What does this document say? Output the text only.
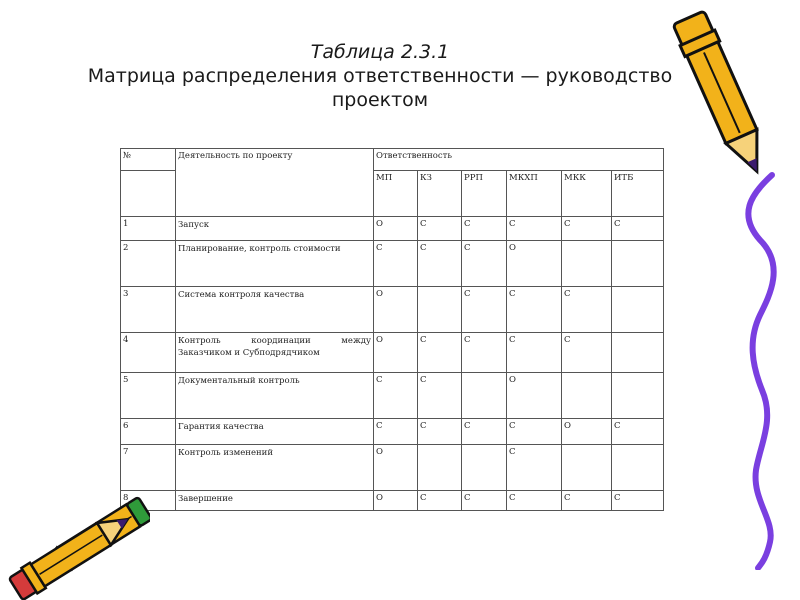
Таблица 2.3.1
Матрица распределения ответственности — руководство проектом
№	Деятельность по проекту	Ответственность					
		МП	КЗ	РРП	МКХП	МКК	ИТБ
1	Запуск	О	С	С	С	С	С
2	Планирование, контроль стоимости	С	С	С	О		
3	Система контроля качества	О		С	С	С	
4	Контроль координации между Заказчиком и Субподрядчиком	О	С	С	С	С	
5	Документальный контроль	С	С		О		
6	Гарантия качества	С	С	С	С	О	С
7	Контроль изменений	О			С		
8	Завершение	О	С	С	С	С	С
